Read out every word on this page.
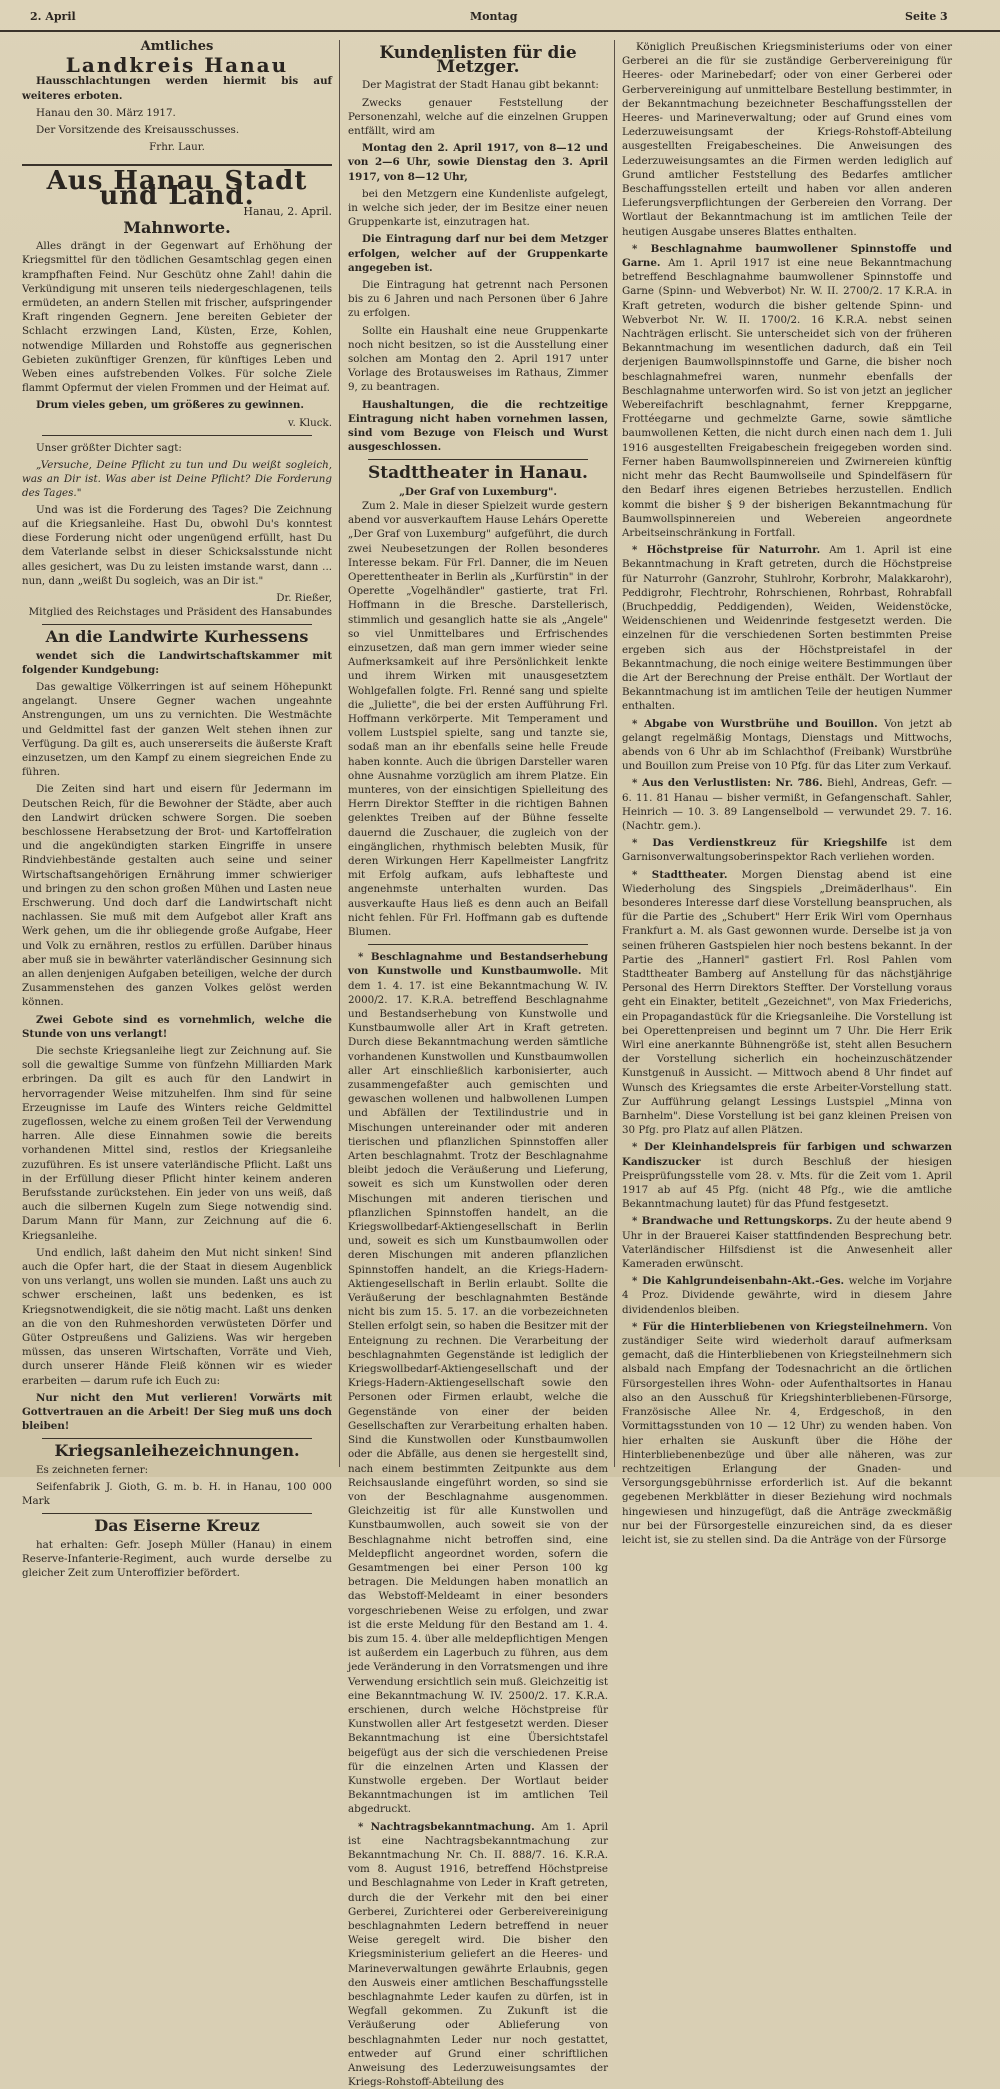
2. April	Montag	Seite 3
Amtliches
Landkreis Hanau

Hausschlachtungen werden hiermit bis auf weiteres erboten.

Hanau den 30. März 1917.

Der Vorsitzende des Kreisausschusses.

Frhr. Laur.
Aus Hanau Stadt und Land.
Hanau, 2. April.
Mahnworte.

Alles drängt in der Gegenwart auf Erhöhung der Kriegsmittel für den tödlichen Gesamtschlag gegen einen krampfhaften Feind. Nur Geschütz ohne Zahl! dahin die Verkündigung mit unseren teils niedergeschlagenen, teils ermüdeten, an andern Stellen mit frischer, aufspringender Kraft ringenden Gegnern. Jene bereiten Gebieter der Schlacht erzwingen Land, Küsten, Erze, Kohlen, notwendige Millarden und Rohstoffe aus gegnerischen Gebieten zukünftiger Grenzen, für künftiges Leben und Weben eines aufstrebenden Volkes. Für solche Ziele flammt Opfermut der vielen Frommen und der Heimat auf.

Drum vieles geben, um größeres zu gewinnen.

v. Kluck.

Unser größter Dichter sagt:

„Versuche, Deine Pflicht zu tun und Du weißt sogleich, was an Dir ist. Was aber ist Deine Pflicht? Die Forderung des Tages."

Und was ist die Forderung des Tages? Die Zeichnung auf die Kriegsanleihe. Hast Du, obwohl Du's konntest diese Forderung nicht oder ungenügend erfüllt, hast Du dem Vaterlande selbst in dieser Schicksalsstunde nicht alles gesichert, was Du zu leisten imstande warst, dann ... nun, dann „weißt Du sogleich, was an Dir ist."

Dr. Rießer,
Mitglied des Reichstages und Präsident des Hansabundes
An die Landwirte Kurhessens

wendet sich die Landwirtschaftskammer mit folgender Kundgebung:

Das gewaltige Völkerringen ist auf seinem Höhepunkt angelangt. Unsere Gegner wachen ungeahnte Anstrengungen, um uns zu vernichten. Die Westmächte und Geldmittel fast der ganzen Welt stehen ihnen zur Verfügung. Da gilt es, auch unsererseits die äußerste Kraft einzusetzen, um den Kampf zu einem siegreichen Ende zu führen.

Die Zeiten sind hart und eisern für Jedermann im Deutschen Reich, für die Bewohner der Städte, aber auch den Landwirt drücken schwere Sorgen. Die soeben beschlossene Herabsetzung der Brot- und Kartoffelration und die angekündigten starken Eingriffe in unsere Rindviehbestände gestalten auch seine und seiner Wirtschaftsangehörigen Ernährung immer schwieriger und bringen zu den schon großen Mühen und Lasten neue Erschwerung. Und doch darf die Landwirtschaft nicht nachlassen. Sie muß mit dem Aufgebot aller Kraft ans Werk gehen, um die ihr obliegende große Aufgabe, Heer und Volk zu ernähren, restlos zu erfüllen. Darüber hinaus aber muß sie in bewährter vaterländischer Gesinnung sich an allen denjenigen Aufgaben beteiligen, welche der durch Zusammenstehen des ganzen Volkes gelöst werden können.

Zwei Gebote sind es vornehmlich, welche die Stunde von uns verlangt!

Die sechste Kriegsanleihe liegt zur Zeichnung auf. Sie soll die gewaltige Summe von fünfzehn Milliarden Mark erbringen. Da gilt es auch für den Landwirt in hervorragender Weise mitzuhelfen. Ihm sind für seine Erzeugnisse im Laufe des Winters reiche Geldmittel zugeflossen, welche zu einem großen Teil der Verwendung harren. Alle diese Einnahmen sowie die bereits vorhandenen Mittel sind, restlos der Kriegsanleihe zuzuführen. Es ist unsere vaterländische Pflicht. Laßt uns in der Erfüllung dieser Pflicht hinter keinem anderen Berufsstande zurückstehen. Ein jeder von uns weiß, daß auch die silbernen Kugeln zum Siege notwendig sind. Darum Mann für Mann, zur Zeichnung auf die 6. Kriegsanleihe.

Und endlich, laßt daheim den Mut nicht sinken! Sind auch die Opfer hart, die der Staat in diesem Augenblick von uns verlangt, uns wollen sie munden. Laßt uns auch zu schwer erscheinen, laßt uns bedenken, es ist Kriegsnotwendigkeit, die sie nötig macht. Laßt uns denken an die von den Ruhmeshorden verwüsteten Dörfer und Güter Ostpreußens und Galiziens. Was wir hergeben müssen, das unseren Wirtschaften, Vorräte und Vieh, durch unserer Hände Fleiß können wir es wieder erarbeiten — darum rufe ich Euch zu:

Nur nicht den Mut verlieren! Vorwärts mit Gottvertrauen an die Arbeit! Der Sieg muß uns doch bleiben!

Kriegsanleihezeichnungen.

Es zeichneten ferner:

Seifenfabrik J. Gioth, G. m. b. H. in Hanau, 100 000 Mark

Das Eiserne Kreuz

hat erhalten: Gefr. Joseph Müller (Hanau) in einem Reserve-Infanterie-Regiment, auch wurde derselbe zu gleicher Zeit zum Unteroffizier befördert.

Kundenlisten für die Metzger.

Der Magistrat der Stadt Hanau gibt bekannt:

Zwecks genauer Feststellung der Personenzahl, welche auf die einzelnen Gruppen entfällt, wird am

Montag den 2. April 1917, von 8—12 und von 2—6 Uhr, sowie Dienstag den 3. April 1917, von 8—12 Uhr,

bei den Metzgern eine Kundenliste aufgelegt, in welche sich jeder, der im Besitze einer neuen Gruppenkarte ist, einzutragen hat.

Die Eintragung darf nur bei dem Metzger erfolgen, welcher auf der Gruppenkarte angegeben ist.

Die Eintragung hat getrennt nach Personen bis zu 6 Jahren und nach Personen über 6 Jahre zu erfolgen.

Sollte ein Haushalt eine neue Gruppenkarte noch nicht besitzen, so ist die Ausstellung einer solchen am Montag den 2. April 1917 unter Vorlage des Brotausweises im Rathaus, Zimmer 9, zu beantragen.

Haushaltungen, die die rechtzeitige Eintragung nicht haben vornehmen lassen, sind vom Bezuge von Fleisch und Wurst ausgeschlossen.

Stadttheater in Hanau.
„Der Graf von Luxemburg".

Zum 2. Male in dieser Spielzeit wurde gestern abend vor ausverkauftem Hause Lehárs Operette „Der Graf von Luxemburg" aufgeführt, die durch zwei Neubesetzungen der Rollen besonderes Interesse bekam. Für Frl. Danner, die im Neuen Operettentheater in Berlin als „Kurfürstin" in der Operette „Vogelhändler" gastierte, trat Frl. Hoffmann in die Bresche. Darstellerisch, stimmlich und gesanglich hatte sie als „Angele" so viel Unmittelbares und Erfrischendes einzusetzen, daß man gern immer wieder seine Aufmerksamkeit auf ihre Persönlichkeit lenkte und ihrem Wirken mit unausgesetztem Wohlgefallen folgte. Frl. Renné sang und spielte die „Juliette", die bei der ersten Aufführung Frl. Hoffmann verkörperte. Mit Temperament und vollem Lustspiel spielte, sang und tanzte sie, sodaß man an ihr ebenfalls seine helle Freude haben konnte. Auch die übrigen Darsteller waren ohne Ausnahme vorzüglich am ihrem Platze. Ein munteres, von der einsichtigen Spielleitung des Herrn Direktor Steffter in die richtigen Bahnen gelenktes Treiben auf der Bühne fesselte dauernd die Zuschauer, die zugleich von der eingänglichen, rhythmisch belebten Musik, für deren Wirkungen Herr Kapellmeister Langfritz mit Erfolg aufkam, aufs lebhafteste und angenehmste unterhalten wurden. Das ausverkaufte Haus ließ es denn auch an Beifall nicht fehlen. Für Frl. Hoffmann gab es duftende Blumen.

* Beschlagnahme und Bestandserhebung von Kunstwolle und Kunstbaumwolle. Mit dem 1. 4. 17. ist eine Bekanntmachung W. IV. 2000/2. 17. K.R.A. betreffend Beschlagnahme und Bestandserhebung von Kunstwolle und Kunstbaumwolle aller Art in Kraft getreten. Durch diese Bekanntmachung werden sämtliche vorhandenen Kunstwollen und Kunstbaumwollen aller Art einschließlich karbonisierter, auch zusammengefaßter auch gemischten und gewaschen wollenen und halbwollenen Lumpen und Abfällen der Textilindustrie und in Mischungen untereinander oder mit anderen tierischen und pflanzlichen Spinnstoffen aller Arten beschlagnahmt. Trotz der Beschlagnahme bleibt jedoch die Veräußerung und Lieferung, soweit es sich um Kunstwollen oder deren Mischungen mit anderen tierischen und pflanzlichen Spinnstoffen handelt, an die Kriegswollbedarf-Aktiengesellschaft in Berlin und, soweit es sich um Kunstbaumwollen oder deren Mischungen mit anderen pflanzlichen Spinnstoffen handelt, an die Kriegs-Hadern-Aktiengesellschaft in Berlin erlaubt. Sollte die Veräußerung der beschlagnahmten Bestände nicht bis zum 15. 5. 17. an die vorbezeichneten Stellen erfolgt sein, so haben die Besitzer mit der Enteignung zu rechnen. Die Verarbeitung der beschlagnahmten Gegenstände ist lediglich der Kriegswollbedarf-Aktiengesellschaft und der Kriegs-Hadern-Aktiengesellschaft sowie den Personen oder Firmen erlaubt, welche die Gegenstände von einer der beiden Gesellschaften zur Verarbeitung erhalten haben. Sind die Kunstwollen oder Kunstbaumwollen oder die Abfälle, aus denen sie hergestellt sind, nach einem bestimmten Zeitpunkte aus dem Reichsauslande eingeführt worden, so sind sie von der Beschlagnahme ausgenommen. Gleichzeitig ist für alle Kunstwollen und Kunstbaumwollen, auch soweit sie von der Beschlagnahme nicht betroffen sind, eine Meldepflicht angeordnet worden, sofern die Gesamtmengen bei einer Person 100 kg betragen. Die Meldungen haben monatlich an das Webstoff-Meldeamt in einer besonders vorgeschriebenen Weise zu erfolgen, und zwar ist die erste Meldung für den Bestand am 1. 4. bis zum 15. 4. über alle meldepflichtigen Mengen ist außerdem ein Lagerbuch zu führen, aus dem jede Veränderung in den Vorratsmengen und ihre Verwendung ersichtlich sein muß. Gleichzeitig ist eine Bekanntmachung W. IV. 2500/2. 17. K.R.A. erschienen, durch welche Höchstpreise für Kunstwollen aller Art festgesetzt werden. Dieser Bekanntmachung ist eine Übersichtstafel beigefügt aus der sich die verschiedenen Preise für die einzelnen Arten und Klassen der Kunstwolle ergeben. Der Wortlaut beider Bekanntmachungen ist im amtlichen Teil abgedruckt.

* Nachtragsbekanntmachung. Am 1. April ist eine Nachtragsbekanntmachung zur Bekanntmachung Nr. Ch. II. 888/7. 16. K.R.A. vom 8. August 1916, betreffend Höchstpreise und Beschlagnahme von Leder in Kraft getreten, durch die der Verkehr mit den bei einer Gerberei, Zurichterei oder Gerbereivereinigung beschlagnahmten Ledern betreffend in neuer Weise geregelt wird. Die bisher den Kriegsministerium geliefert an die Heeres- und Marineverwaltungen gewährte Erlaubnis, gegen den Ausweis einer amtlichen Beschaffungsstelle beschlagnahmte Leder kaufen zu dürfen, ist in Wegfall gekommen. Zu Zukunft ist die Veräußerung oder Ablieferung von beschlagnahmten Leder nur noch gestattet, entweder auf Grund einer schriftlichen Anweisung des Lederzuweisungsamtes der Kriegs-Rohstoff-Abteilung des

Königlich Preußischen Kriegsministeriums oder von einer Gerberei an die für sie zuständige Gerbervereinigung für Heeres- oder Marinebedarf; oder von einer Gerberei oder Gerbervereinigung auf unmittelbare Bestellung bestimmter, in der Bekanntmachung bezeichneter Beschaffungsstellen der Heeres- und Marineverwaltung; oder auf Grund eines vom Lederzuweisungsamt der Kriegs-Rohstoff-Abteilung ausgestellten Freigabescheines. Die Anweisungen des Lederzuweisungsamtes an die Firmen werden lediglich auf Grund amtlicher Feststellung des Bedarfes amtlicher Beschaffungsstellen erteilt und haben vor allen anderen Lieferungsverpflichtungen der Gerbereien den Vorrang. Der Wortlaut der Bekanntmachung ist im amtlichen Teile der heutigen Ausgabe unseres Blattes enthalten.

* Beschlagnahme baumwollener Spinnstoffe und Garne. Am 1. April 1917 ist eine neue Bekanntmachung betreffend Beschlagnahme baumwollener Spinnstoffe und Garne (Spinn- und Webverbot) Nr. W. II. 2700/2. 17 K.R.A. in Kraft getreten, wodurch die bisher geltende Spinn- und Webverbot Nr. W. II. 1700/2. 16 K.R.A. nebst seinen Nachträgen erlischt. Sie unterscheidet sich von der früheren Bekanntmachung im wesentlichen dadurch, daß ein Teil derjenigen Baumwollspinnstoffe und Garne, die bisher noch beschlagnahmefrei waren, nunmehr ebenfalls der Beschlagnahme unterworfen wird. So ist von jetzt an jeglicher Webereifachrift beschlagnahmt, ferner Kreppgarne, Frottéegarne und gechmelzte Garne, sowie sämtliche baumwollenen Ketten, die nicht durch einen nach dem 1. Juli 1916 ausgestellten Freigabeschein freigegeben worden sind. Ferner haben Baumwollspinnereien und Zwirnereien künftig nicht mehr das Recht Baumwollseile und Spindelfäsern für den Bedarf ihres eigenen Betriebes herzustellen. Endlich kommt die bisher § 9 der bisherigen Bekanntmachung für Baumwollspinnereien und Webereien angeordnete Arbeitseinschränkung in Fortfall.

* Höchstpreise für Naturrohr. Am 1. April ist eine Bekanntmachung in Kraft getreten, durch die Höchstpreise für Naturrohr (Ganzrohr, Stuhlrohr, Korbrohr, Malakkarohr), Peddigrohr, Flechtrohr, Rohrschienen, Rohrbast, Rohrabfall (Bruchpeddig, Peddigenden), Weiden, Weidenstöcke, Weidenschienen und Weidenrinde festgesetzt werden. Die einzelnen für die verschiedenen Sorten bestimmten Preise ergeben sich aus der Höchstpreistafel in der Bekanntmachung, die noch einige weitere Bestimmungen über die Art der Berechnung der Preise enthält. Der Wortlaut der Bekanntmachung ist im amtlichen Teile der heutigen Nummer enthalten.

* Abgabe von Wurstbrühe und Bouillon. Von jetzt ab gelangt regelmäßig Montags, Dienstags und Mittwochs, abends von 6 Uhr ab im Schlachthof (Freibank) Wurstbrühe und Bouillon zum Preise von 10 Pfg. für das Liter zum Verkauf.

* Aus den Verlustlisten: Nr. 786. Biehl, Andreas, Gefr. — 6. 11. 81 Hanau — bisher vermißt, in Gefangenschaft. Sahler, Heinrich — 10. 3. 89 Langenselbold — verwundet 29. 7. 16. (Nachtr. gem.).

* Das Verdienstkreuz für Kriegshilfe ist dem Garnisonverwaltungsoberinspektor Rach verliehen worden.

* Stadttheater. Morgen Dienstag abend ist eine Wiederholung des Singspiels „Dreimäderlhaus". Ein besonderes Interesse darf diese Vorstellung beanspruchen, als für die Partie des „Schubert" Herr Erik Wirl vom Opernhaus Frankfurt a. M. als Gast gewonnen wurde. Derselbe ist ja von seinen früheren Gastspielen hier noch bestens bekannt. In der Partie des „Hannerl" gastiert Frl. Rosl Pahlen vom Stadttheater Bamberg auf Anstellung für das nächstjährige Personal des Herrn Direktors Steffter. Der Vorstellung voraus geht ein Einakter, betitelt „Gezeichnet", von Max Friederichs, ein Propagandastück für die Kriegsanleihe. Die Vorstellung ist bei Operettenpreisen und beginnt um 7 Uhr. Die Herr Erik Wirl eine anerkannte Bühnengröße ist, steht allen Besuchern der Vorstellung sicherlich ein hocheinzuschätzender Kunstgenuß in Aussicht. — Mittwoch abend 8 Uhr findet auf Wunsch des Kriegsamtes die erste Arbeiter-Vorstellung statt. Zur Aufführung gelangt Lessings Lustspiel „Minna von Barnhelm". Diese Vorstellung ist bei ganz kleinen Preisen von 30 Pfg. pro Platz auf allen Plätzen.

* Der Kleinhandelspreis für farbigen und schwarzen Kandiszucker ist durch Beschluß der hiesigen Preisprüfungsstelle vom 28. v. Mts. für die Zeit vom 1. April 1917 ab auf 45 Pfg. (nicht 48 Pfg., wie die amtliche Bekanntmachung lautet) für das Pfund festgesetzt.

* Brandwache und Rettungskorps. Zu der heute abend 9 Uhr in der Brauerei Kaiser stattfindenden Besprechung betr. Vaterländischer Hilfsdienst ist die Anwesenheit aller Kameraden erwünscht.

* Die Kahlgrundeisenbahn-Akt.-Ges. welche im Vorjahre 4 Proz. Dividende gewährte, wird in diesem Jahre dividendenlos bleiben.

* Für die Hinterbliebenen von Kriegsteilnehmern. Von zuständiger Seite wird wiederholt darauf aufmerksam gemacht, daß die Hinterbliebenen von Kriegsteilnehmern sich alsbald nach Empfang der Todesnachricht an die örtlichen Fürsorgestellen ihres Wohn- oder Aufenthaltsortes in Hanau also an den Ausschuß für Kriegshinterbliebenen-Fürsorge, Französische Allee Nr. 4, Erdgeschoß, in den Vormittagsstunden von 10 — 12 Uhr) zu wenden haben. Von hier erhalten sie Auskunft über die Höhe der Hinterbliebenenbezüge und über alle näheren, was zur rechtzeitigen Erlangung der Gnaden- und Versorgungsgebührnisse erforderlich ist. Auf die bekannt gegebenen Merkblätter in dieser Beziehung wird nochmals hingewiesen und hinzugefügt, daß die Anträge zweckmäßig nur bei der Fürsorgestelle einzureichen sind, da es dieser leicht ist, sie zu stellen sind. Da die Anträge von der Fürsorge
